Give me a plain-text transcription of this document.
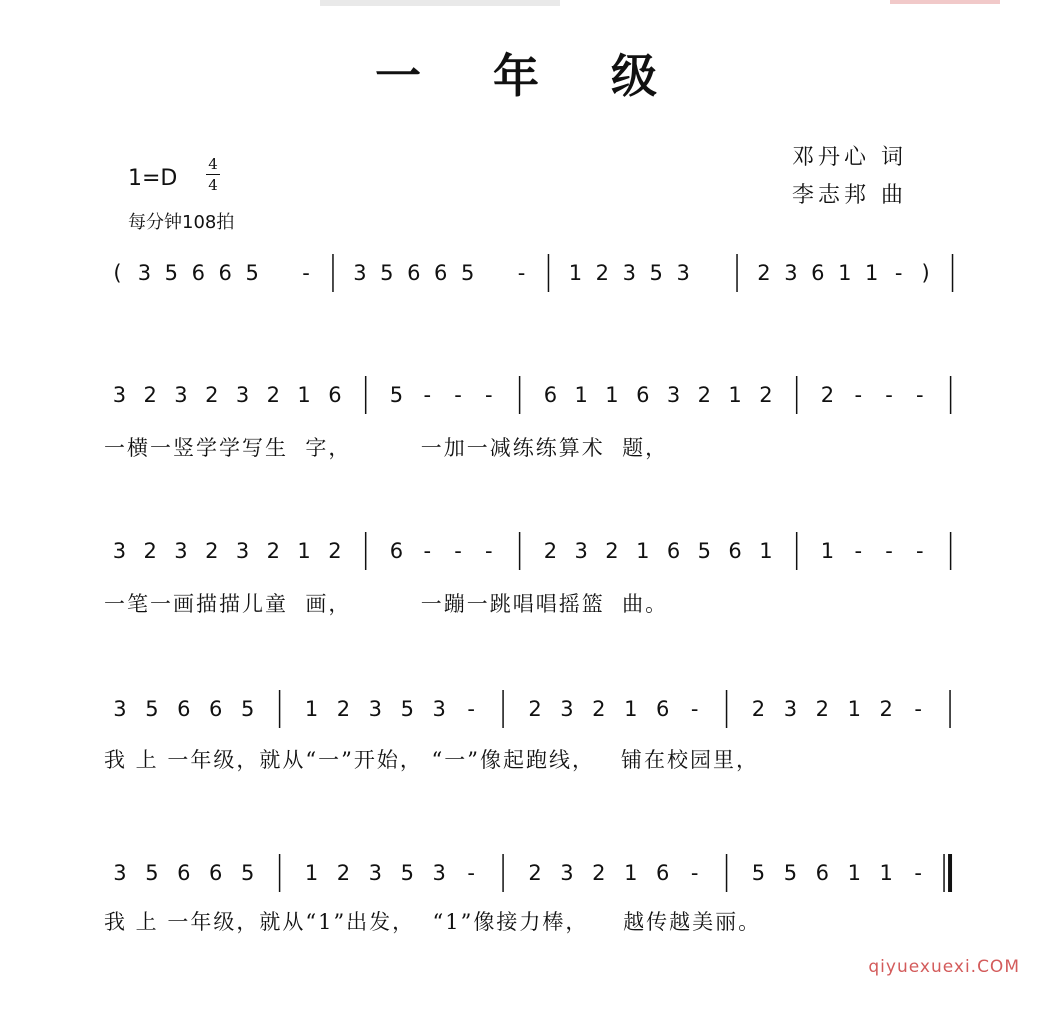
一 年 级
$1=D \frac{4}{4}$
每分钟108拍
邓丹心 词
李志邦 曲
( 3 5 6 6 5 - 3 5 6 6 5 - 1 2 3 5 3	2 3 6 1 1 - )
3 2 3 2 3 2 1 6 5 - - - 6 1 1 6 3 2 1 2 2 - - -
一横一竖学学写生  字，        一加一减练练算术  题，
3 2 3 2 3 2 1 2 6 - - - 2 3 2 1 6 5 6 1 1 - - -
一笔一画描描儿童  画，        一蹦一跳唱唱摇篮  曲。
3 5 6 6 5 1 2 3 5 3 -	2 3 2 1 6 -	2 3 2 1 2 -
我 上 一年级，就从“一”开始， “一”像起跑线，   铺在校园里，
3 5 6 6 5 1 2 3 5 3 -	2 3 2 1 6 -	5 5 6 1 1 -
我 上 一年级，就从“1”出发，  “1”像接力棒，    越传越美丽。
qiyuexuexi.COM
